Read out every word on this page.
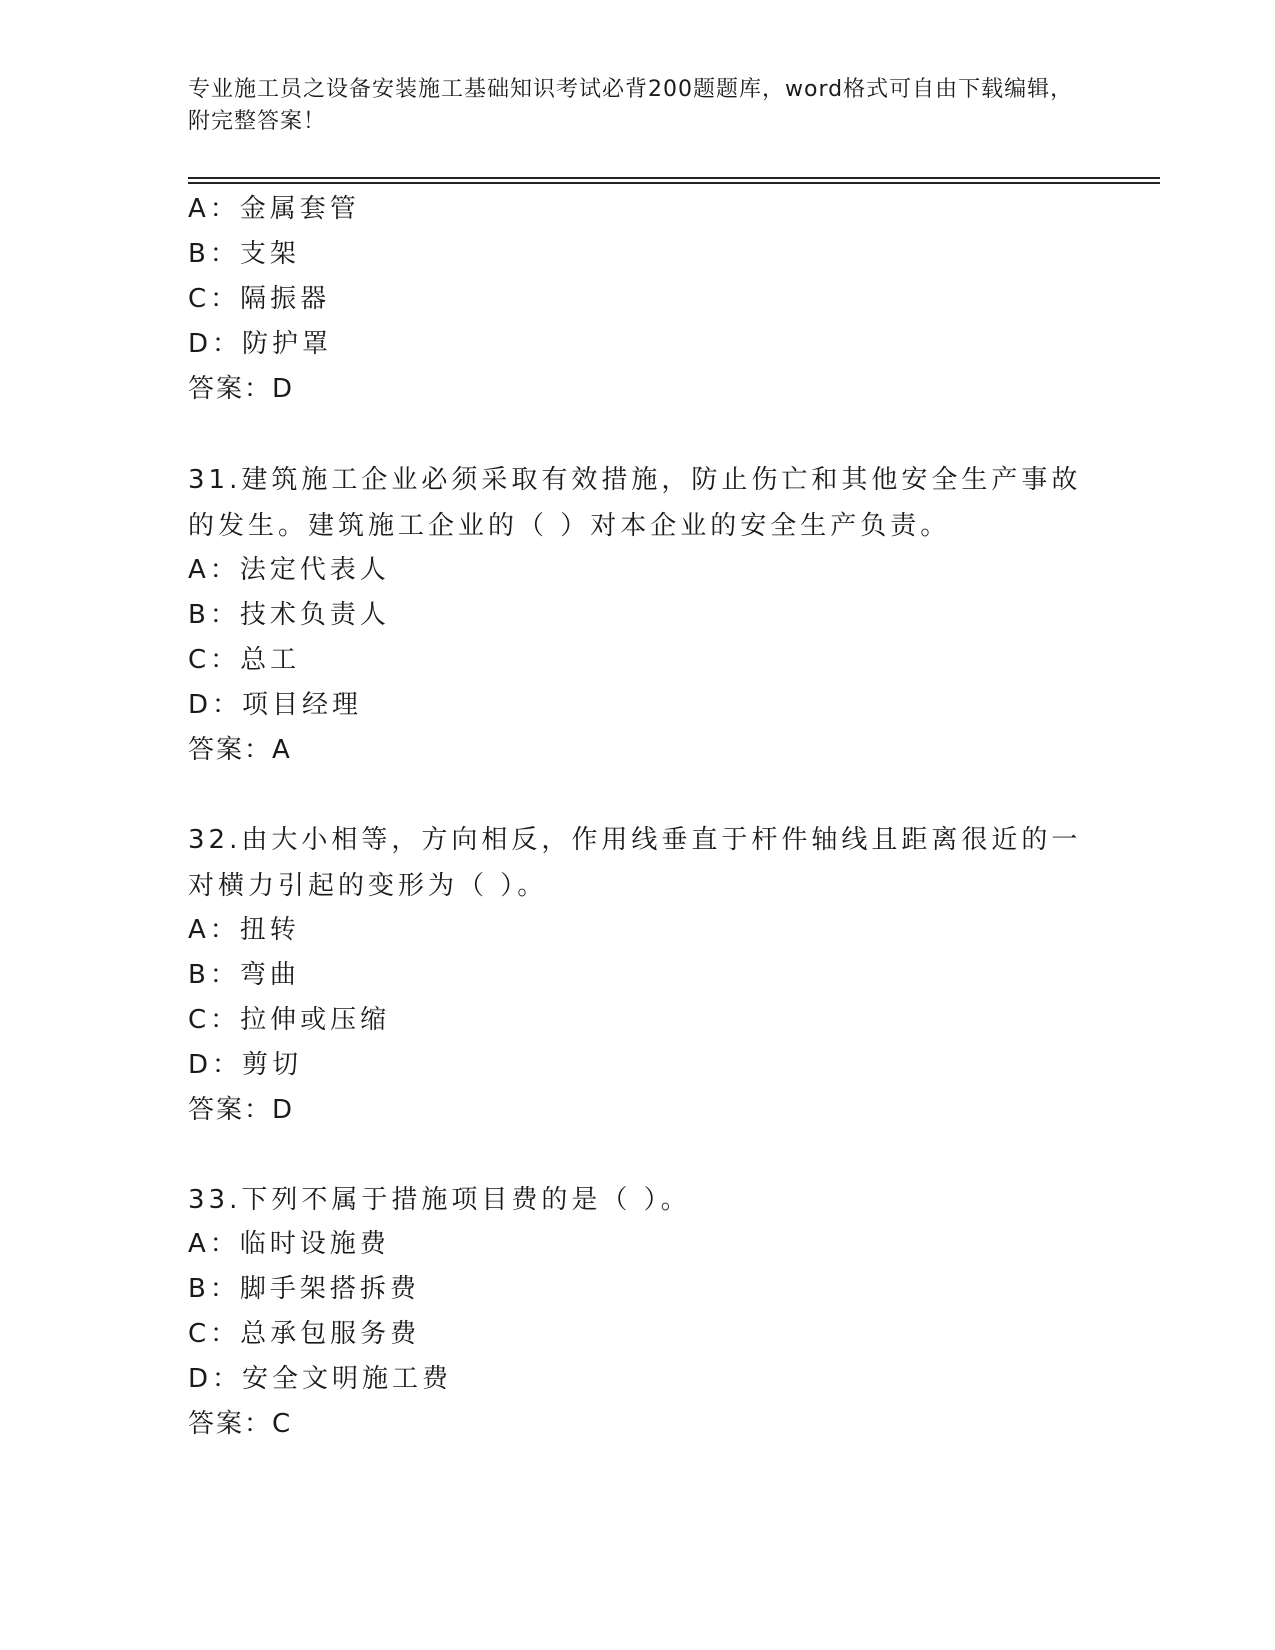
专业施工员之设备安装施工基础知识考试必背200题题库，word格式可自由下载编辑，附完整答案！
A：金属套管
B：支架
C：隔振器
D：防护罩
答案：D
31.建筑施工企业必须采取有效措施，防止伤亡和其他安全生产事故的发生。建筑施工企业的（ ）对本企业的安全生产负责。
A：法定代表人
B：技术负责人
C：总工
D：项目经理
答案：A
32.由大小相等，方向相反，作用线垂直于杆件轴线且距离很近的一对横力引起的变形为（ ）。
A：扭转
B：弯曲
C：拉伸或压缩
D：剪切
答案：D
33.下列不属于措施项目费的是（ ）。
A：临时设施费
B：脚手架搭拆费
C：总承包服务费
D：安全文明施工费
答案：C
